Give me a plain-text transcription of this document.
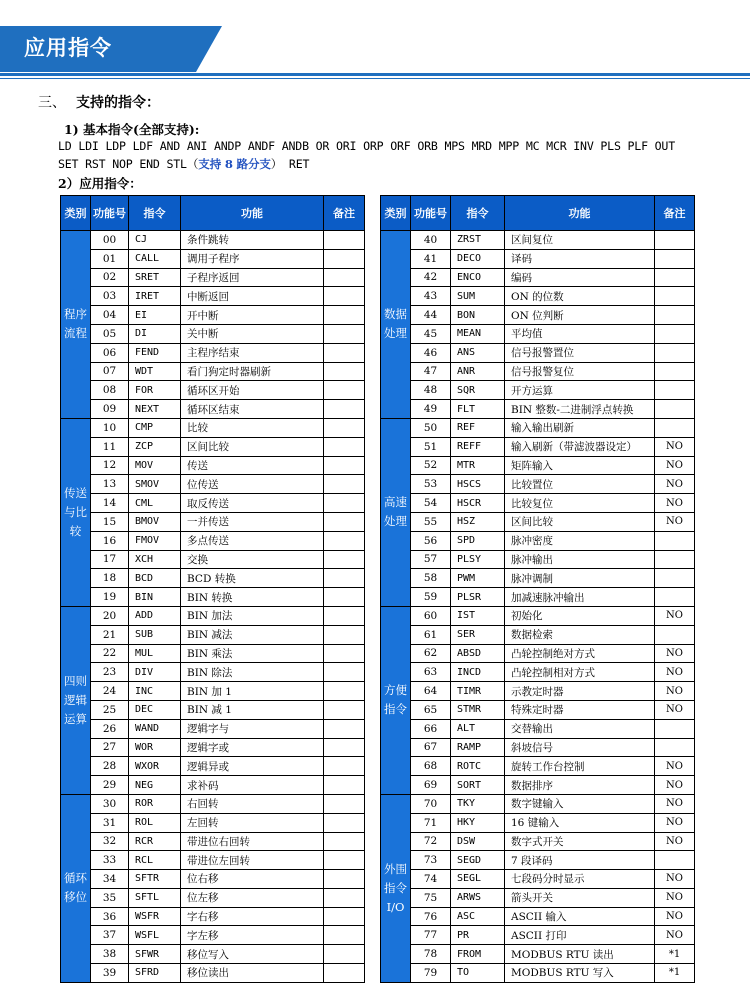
应用指令
三、 支持的指令：
1) 基本指令(全部支持):
LD LDI LDP LDF AND ANI ANDP ANDF ANDB OR ORI ORP ORF ORB MPS MRD MPP MC MCR INV PLS PLF OUT
SET RST NOP END STL（支持 8 路分支） RET
2）应用指令：
类别	功能号	指令	功能	备注
程序流程	00	CJ	条件跳转	
	01	CALL	调用子程序	
	02	SRET	子程序返回	
	03	IRET	中断返回	
	04	EI	开中断	
	05	DI	关中断	
	06	FEND	主程序结束	
	07	WDT	看门狗定时器刷新	
	08	FOR	循环区开始	
	09	NEXT	循环区结束	
传送与比较	10	CMP	比较	
	11	ZCP	区间比较	
	12	MOV	传送	
	13	SMOV	位传送	
	14	CML	取反传送	
	15	BMOV	一并传送	
	16	FMOV	多点传送	
	17	XCH	交换	
	18	BCD	BCD 转换	
	19	BIN	BIN 转换	
四则逻辑运算	20	ADD	BIN 加法	
	21	SUB	BIN 减法	
	22	MUL	BIN 乘法	
	23	DIV	BIN 除法	
	24	INC	BIN 加 1	
	25	DEC	BIN 减 1	
	26	WAND	逻辑字与	
	27	WOR	逻辑字或	
	28	WXOR	逻辑异或	
	29	NEG	求补码	
循环移位	30	ROR	右回转	
	31	ROL	左回转	
	32	RCR	带进位右回转	
	33	RCL	带进位左回转	
	34	SFTR	位右移	
	35	SFTL	位左移	
	36	WSFR	字右移	
	37	WSFL	字左移	
	38	SFWR	移位写入	
	39	SFRD	移位读出	
类别	功能号	指令	功能	备注
数据处理	40	ZRST	区间复位	
	41	DECO	译码	
	42	ENCO	编码	
	43	SUM	ON 的位数	
	44	BON	ON 位判断	
	45	MEAN	平均值	
	46	ANS	信号报警置位	
	47	ANR	信号报警复位	
	48	SQR	开方运算	
	49	FLT	BIN 整数-二进制浮点转换	
高速处理	50	REF	输入输出刷新	
	51	REFF	输入刷新（带滤波器设定）	NO
	52	MTR	矩阵输入	NO
	53	HSCS	比较置位	NO
	54	HSCR	比较复位	NO
	55	HSZ	区间比较	NO
	56	SPD	脉冲密度	
	57	PLSY	脉冲输出	
	58	PWM	脉冲调制	
	59	PLSR	加减速脉冲输出	
方便指令	60	IST	初始化	NO
	61	SER	数据检索	
	62	ABSD	凸轮控制绝对方式	NO
	63	INCD	凸轮控制相对方式	NO
	64	TIMR	示教定时器	NO
	65	STMR	特殊定时器	NO
	66	ALT	交替输出	
	67	RAMP	斜坡信号	
	68	ROTC	旋转工作台控制	NO
	69	SORT	数据排序	NO
外围指令I/O	70	TKY	数字键输入	NO
	71	HKY	16 键输入	NO
	72	DSW	数字式开关	NO
	73	SEGD	7 段译码	
	74	SEGL	七段码分时显示	NO
	75	ARWS	箭头开关	NO
	76	ASC	ASCII 输入	NO
	77	PR	ASCII 打印	NO
	78	FROM	MODBUS RTU 读出	*1
	79	TO	MODBUS RTU 写入	*1
